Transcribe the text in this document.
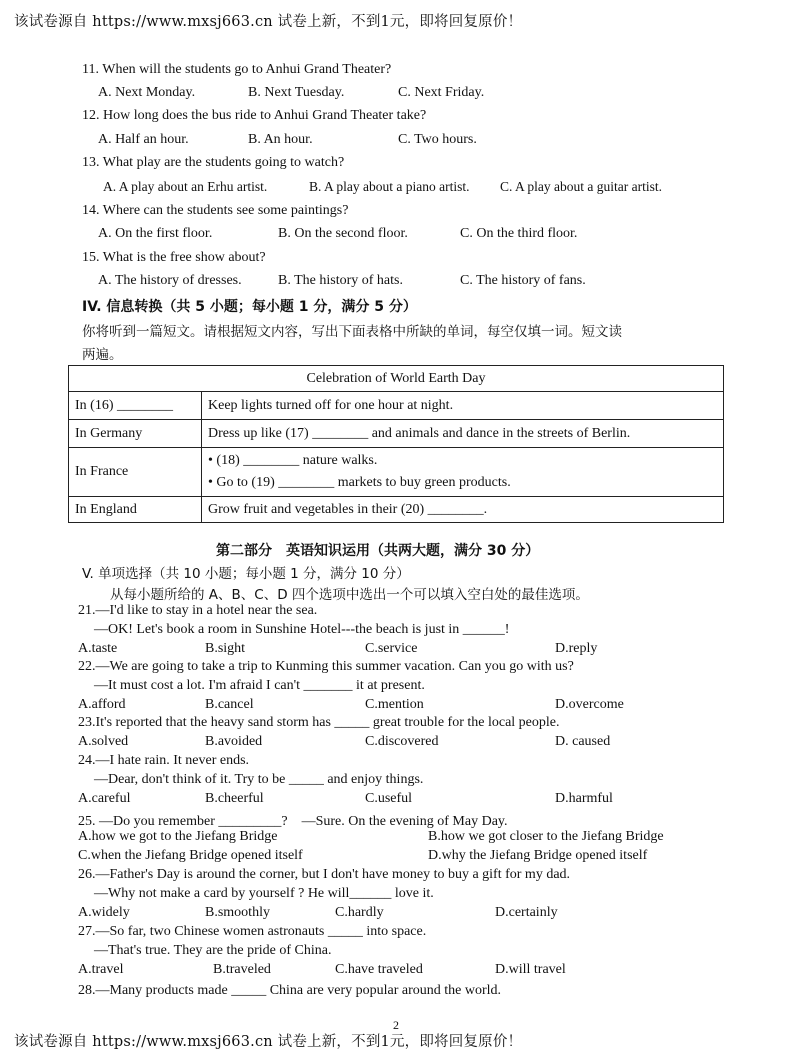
该试卷源自 https://www.mxsj663.cn 试卷上新，不到1元，即将回复原价！
11. When will the students go to Anhui Grand Theater?
A. Next Monday.	B. Next Tuesday.	C. Next Friday.
12. How long does the bus ride to Anhui Grand Theater take?
A. Half an hour.	B. An hour.	C. Two hours.
13. What play are the students going to watch?
A. A play about an Erhu artist.	B. A play about a piano artist. C. A play about a guitar artist.
14. Where can the students see some paintings?
A. On the first floor.	B. On the second floor.	C. On the third floor.
15. What is the free show about?
A. The history of dresses.	B. The history of hats.	C. The history of fans.
IV. 信息转换（共 5 小题；每小题 1 分，满分 5 分）
你将听到一篇短文。请根据短文内容，写出下面表格中所缺的单词，每空仅填一词。短文读
两遍。
Celebration of World Earth Day	
In (16) ________	Keep lights turned off for one hour at night.
In Germany	Dress up like (17) ________ and animals and dance in the streets of Berlin.
In France	• (18) ________ nature walks.
• Go to (19) ________ markets to buy green products.

In England	Grow fruit and vegetables in their (20) ________.
第二部分　英语知识运用（共两大题，满分 30 分）
V. 单项选择（共 10 小题；每小题 1 分，满分 10 分）
从每小题所给的 A、B、C、D 四个选项中选出一个可以填入空白处的最佳选项。
21.—I'd like to stay in a hotel near the sea.
—OK! Let's book a room in Sunshine Hotel---the beach is just in ______!
A.taste	B.sight	C.service	D.reply
22.—We are going to take a trip to Kunming this summer vacation. Can you go with us?
—It must cost a lot. I'm afraid I can't _______ it at present.
A.afford	B.cancel	C.mention	D.overcome
23.It's reported that the heavy sand storm has _____ great trouble for the local people.
A.solved	B.avoided	C.discovered	D. caused
24.—I hate rain. It never ends.
—Dear, don't think of it. Try to be _____ and enjoy things.
A.careful	B.cheerful	C.useful	D.harmful
25. —Do you remember _________?　—Sure. On the evening of May Day.
A.how we got to the Jiefang Bridge	B.how we got closer to the Jiefang Bridge
C.when the Jiefang Bridge opened itself	D.why the Jiefang Bridge opened itself
26.—Father's Day is around the corner, but I don't have money to buy a gift for my dad.
—Why not make a card by yourself ? He will______ love it.
A.widely	B.smoothly	C.hardly	D.certainly
27.—So far, two Chinese women astronauts _____ into space.
—That's true. They are the pride of China.
A.travel	B.traveled	C.have traveled	D.will travel
28.—Many products made _____ China are very popular around the world.
2
该试卷源自 https://www.mxsj663.cn 试卷上新，不到1元，即将回复原价！
